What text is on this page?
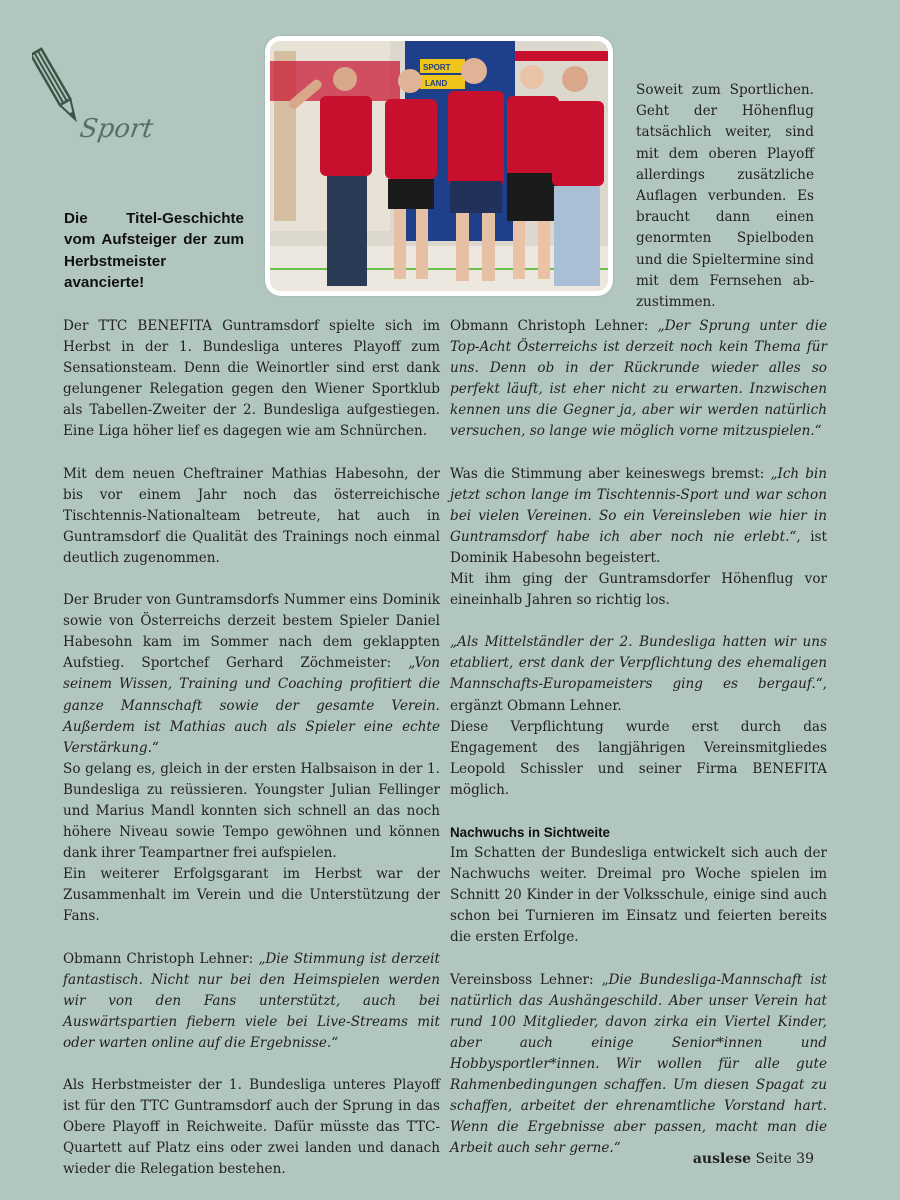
Sport
Die Titel-Geschichte vom Aufsteiger der zum Herbstmeister avancierte!
SPORT
LAND	Soweit zum Sportlichen. Geht der Höhenflug tatsächlich weiter, sind mit dem oberen Playoff allerdings zusätzliche Auflagen verbunden. Es braucht dann einen genormten Spielboden und die Spieltermine sind mit dem Fernsehen abzustimmen.

Der TTC BENEFITA Guntramsdorf spielte sich im Herbst in der 1. Bundesliga unteres Playoff zum Sensationsteam. Denn die Weinortler sind erst dank gelungener Relegation gegen den Wiener Sportklub als Tabellen-Zweiter der 2. Bundesliga aufgestiegen. Eine Liga höher lief es dagegen wie am Schnürchen.

Mit dem neuen Cheftrainer Mathias Habesohn, der bis vor einem Jahr noch das österreichische Tischtennis-Nationalteam betreute, hat auch in Guntramsdorf die Qualität des Trainings noch einmal deutlich zugenommen.

Der Bruder von Guntramsdorfs Nummer eins Dominik sowie von Österreichs derzeit bestem Spieler Daniel Habesohn kam im Sommer nach dem geklappten Aufstieg. Sportchef Gerhard Zöchmeister: „Von seinem Wissen, Training und Coaching profitiert die ganze Mannschaft sowie der gesamte Verein. Außerdem ist Mathias auch als Spieler eine echte Verstärkung.“

So gelang es, gleich in der ersten Halbsaison in der 1. Bundesliga zu reüssieren. Youngster Julian Fellinger und Marius Mandl konnten sich schnell an das noch höhere Niveau sowie Tempo gewöhnen und können dank ihrer Teampartner frei aufspielen.

Ein weiterer Erfolgsgarant im Herbst war der Zusammenhalt im Verein und die Unterstützung der Fans.

Obmann Christoph Lehner: „Die Stimmung ist derzeit fantastisch. Nicht nur bei den Heimspielen werden wir von den Fans unterstützt, auch bei Auswärtspartien fiebern viele bei Live-Streams mit oder warten online auf die Ergebnisse.“

Als Herbstmeister der 1. Bundesliga unteres Playoff ist für den TTC Guntramsdorf auch der Sprung in das Obere Playoff in Reichweite. Dafür müsste das TTC-Quartett auf Platz eins oder zwei landen und danach wieder die Relegation bestehen.

Obmann Christoph Lehner: „Der Sprung unter die Top-Acht Österreichs ist derzeit noch kein Thema für uns. Denn ob in der Rückrunde wieder alles so perfekt läuft, ist eher nicht zu erwarten. Inzwischen kennen uns die Gegner ja, aber wir werden natürlich versuchen, so lange wie möglich vorne mitzuspielen.“

Was die Stimmung aber keineswegs bremst: „Ich bin jetzt schon lange im Tischtennis-Sport und war schon bei vielen Vereinen. So ein Vereinsleben wie hier in Guntramsdorf habe ich aber noch nie erlebt.“, ist Dominik Habesohn begeistert.

Mit ihm ging der Guntramsdorfer Höhenflug vor eineinhalb Jahren so richtig los.

„Als Mittelständler der 2. Bundesliga hatten wir uns etabliert, erst dank der Verpflichtung des ehemaligen Mannschafts-Europameisters ging es bergauf.“, ergänzt Obmann Lehner.

Diese Verpflichtung wurde erst durch das Engagement des langjährigen Vereinsmitgliedes Leopold Schissler und seiner Firma BENEFITA möglich.

Nachwuchs in Sichtweite

Im Schatten der Bundesliga entwickelt sich auch der Nachwuchs weiter. Dreimal pro Woche spielen im Schnitt 20 Kinder in der Volksschule, einige sind auch schon bei Turnieren im Einsatz und feierten bereits die ersten Erfolge.

Vereinsboss Lehner: „Die Bundesliga-Mannschaft ist natürlich das Aushängeschild. Aber unser Verein hat rund 100 Mitglieder, davon zirka ein Viertel Kinder, aber auch einige Senior*innen und Hobbysportler*innen. Wir wollen für alle gute Rahmenbedingungen schaffen. Um diesen Spagat zu schaffen, arbeitet der ehrenamtliche Vorstand hart. Wenn die Ergebnisse aber passen, macht man die Arbeit auch sehr gerne.“

auslese Seite 39
